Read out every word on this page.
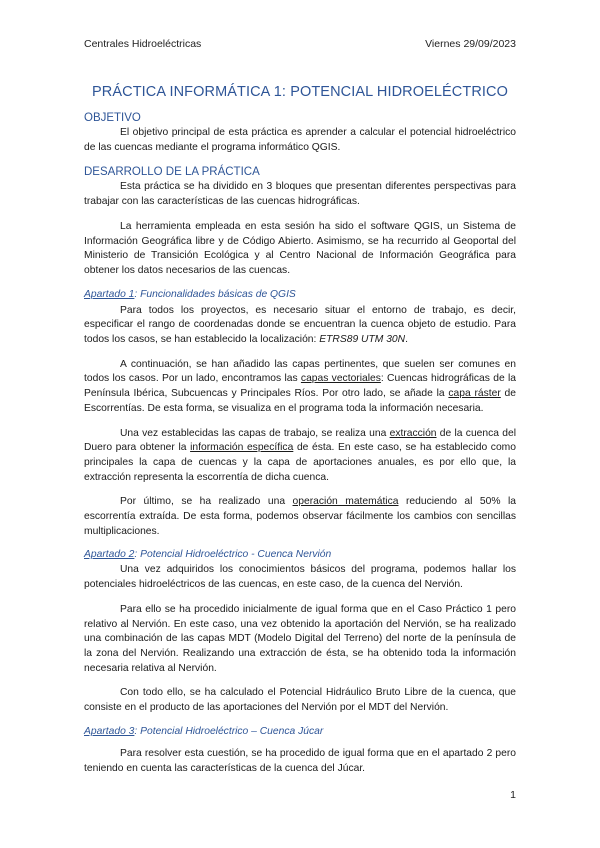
Centrales Hidroeléctricas	Viernes 29/09/2023
PRÁCTICA INFORMÁTICA 1: POTENCIAL HIDROELÉCTRICO
OBJETIVO

El objetivo principal de esta práctica es aprender a calcular el potencial hidroeléctrico de las cuencas mediante el programa informático QGIS.

DESARROLLO DE LA PRÁCTICA

Esta práctica se ha dividido en 3 bloques que presentan diferentes perspectivas para trabajar con las características de las cuencas hidrográficas.

La herramienta empleada en esta sesión ha sido el software QGIS, un Sistema de Información Geográfica libre y de Código Abierto. Asimismo, se ha recurrido al Geoportal del Ministerio de Transición Ecológica y al Centro Nacional de Información Geográfica para obtener los datos necesarios de las cuencas.

Apartado 1: Funcionalidades básicas de QGIS

Para todos los proyectos, es necesario situar el entorno de trabajo, es decir, especificar el rango de coordenadas donde se encuentran la cuenca objeto de estudio. Para todos los casos, se han establecido la localización: ETRS89 UTM 30N.

A continuación, se han añadido las capas pertinentes, que suelen ser comunes en todos los casos. Por un lado, encontramos las capas vectoriales: Cuencas hidrográficas de la Península Ibérica, Subcuencas y Principales Ríos. Por otro lado, se añade la capa ráster de Escorrentías. De esta forma, se visualiza en el programa toda la información necesaria.

Una vez establecidas las capas de trabajo, se realiza una extracción de la cuenca del Duero para obtener la información específica de ésta. En este caso, se ha establecido como principales la capa de cuencas y la capa de aportaciones anuales, es por ello que, la extracción representa la escorrentía de dicha cuenca.

Por último, se ha realizado una operación matemática reduciendo al 50% la escorrentía extraída. De esta forma, podemos observar fácilmente los cambios con sencillas multiplicaciones.

Apartado 2: Potencial Hidroeléctrico - Cuenca Nervión

Una vez adquiridos los conocimientos básicos del programa, podemos hallar los potenciales hidroeléctricos de las cuencas, en este caso, de la cuenca del Nervión.

Para ello se ha procedido inicialmente de igual forma que en el Caso Práctico 1 pero relativo al Nervión. En este caso, una vez obtenido la aportación del Nervión, se ha realizado una combinación de las capas MDT (Modelo Digital del Terreno) del norte de la península de la zona del Nervión. Realizando una extracción de ésta, se ha obtenido toda la información necesaria relativa al Nervión.

Con todo ello, se ha calculado el Potencial Hidráulico Bruto Libre de la cuenca, que consiste en el producto de las aportaciones del Nervión por el MDT del Nervión.

Apartado 3: Potencial Hidroeléctrico – Cuenca Júcar

Para resolver esta cuestión, se ha procedido de igual forma que en el apartado 2 pero teniendo en cuenta las características de la cuenca del Júcar.

1
